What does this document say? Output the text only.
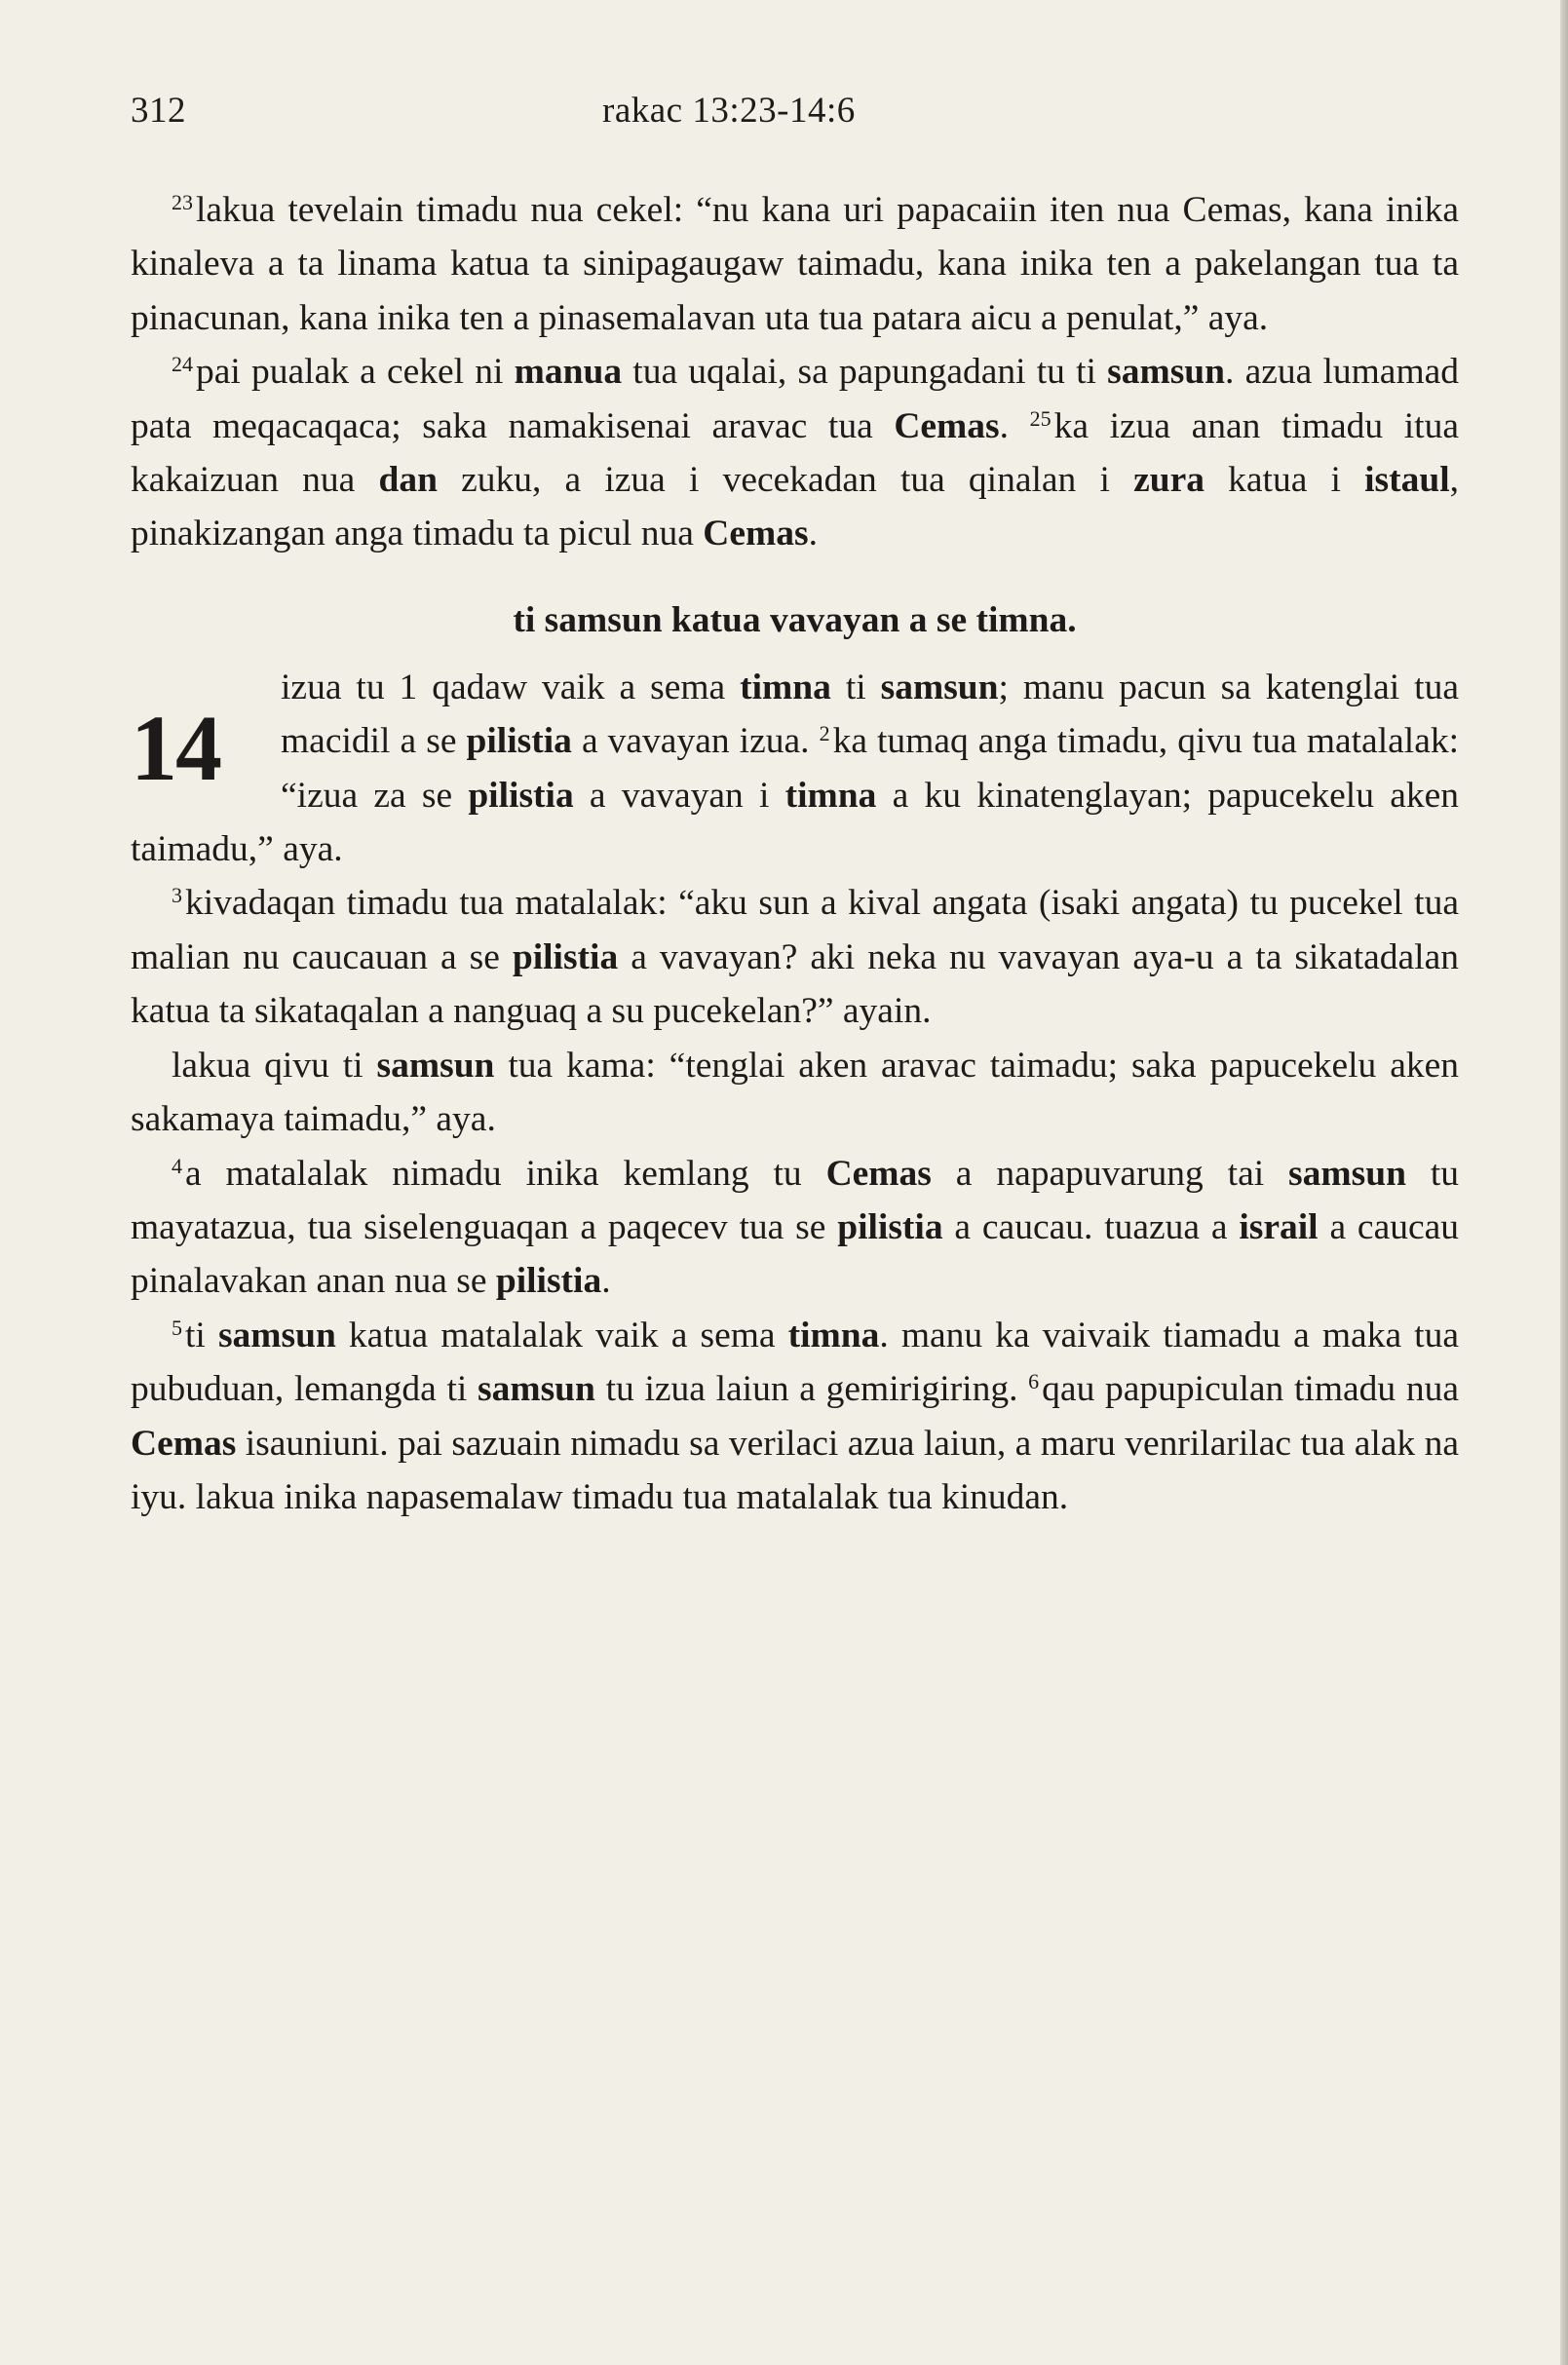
312	rakac 13:23-14:6

$^{23}$lakua tevelain timadu nua cekel: “nu kana uri papacaiin iten nua Cemas, kana inika kinaleva a ta linama katua ta sinipagaugaw taimadu, kana inika ten a pakelangan tua ta pinacunan, kana inika ten a pinasemalavan uta tua patara aicu a penulat,” aya.

$^{24}$pai pualak a cekel ni manua tua uqalai, sa papungadani tu ti samsun. azua lumamad pata meqacaqaca; saka namakisenai aravac tua Cemas. $^{25}$ka izua anan timadu itua kakaizuan nua dan zuku, a izua i vecekadan tua qinalan i zura katua i istaul, pinakizangan anga timadu ta picul nua Cemas.

ti samsun katua vavayan a se timna.

14
izua tu 1 qadaw vaik a sema timna ti samsun; manu pacun sa katenglai tua macidil a se pilistia a vavayan izua. $^2$ka tumaq anga timadu, qivu tua matalalak: “izua za se pilistia a vavayan i timna a ku kinatenglayan; papucekelu aken taimadu,” aya.

$^3$kivadaqan timadu tua matalalak: “aku sun a kival angata (isaki angata) tu pucekel tua malian nu caucauan a se pilistia a vavayan? aki neka nu vavayan aya-u a ta sikatadalan katua ta sikataqalan a nanguaq a su pucekelan?” ayain.

lakua qivu ti samsun tua kama: “tenglai aken aravac taimadu; saka papucekelu aken sakamaya taimadu,” aya.

$^4$a matalalak nimadu inika kemlang tu Cemas a napapuvarung tai samsun tu mayatazua, tua siselenguaqan a paqecev tua se pilistia a caucau. tuazua a israil a caucau pinalavakan anan nua se pilistia.

$^5$ti samsun katua matalalak vaik a sema timna. manu ka vaivaik tiamadu a maka tua pubuduan, lemangda ti samsun tu izua laiun a gemirigiring. $^6$qau papupiculan timadu nua Cemas isauniuni. pai sazuain nimadu sa verilaci azua laiun, a maru venrilarilac tua alak na iyu. lakua inika napasemalaw timadu tua matalalak tua kinudan.
